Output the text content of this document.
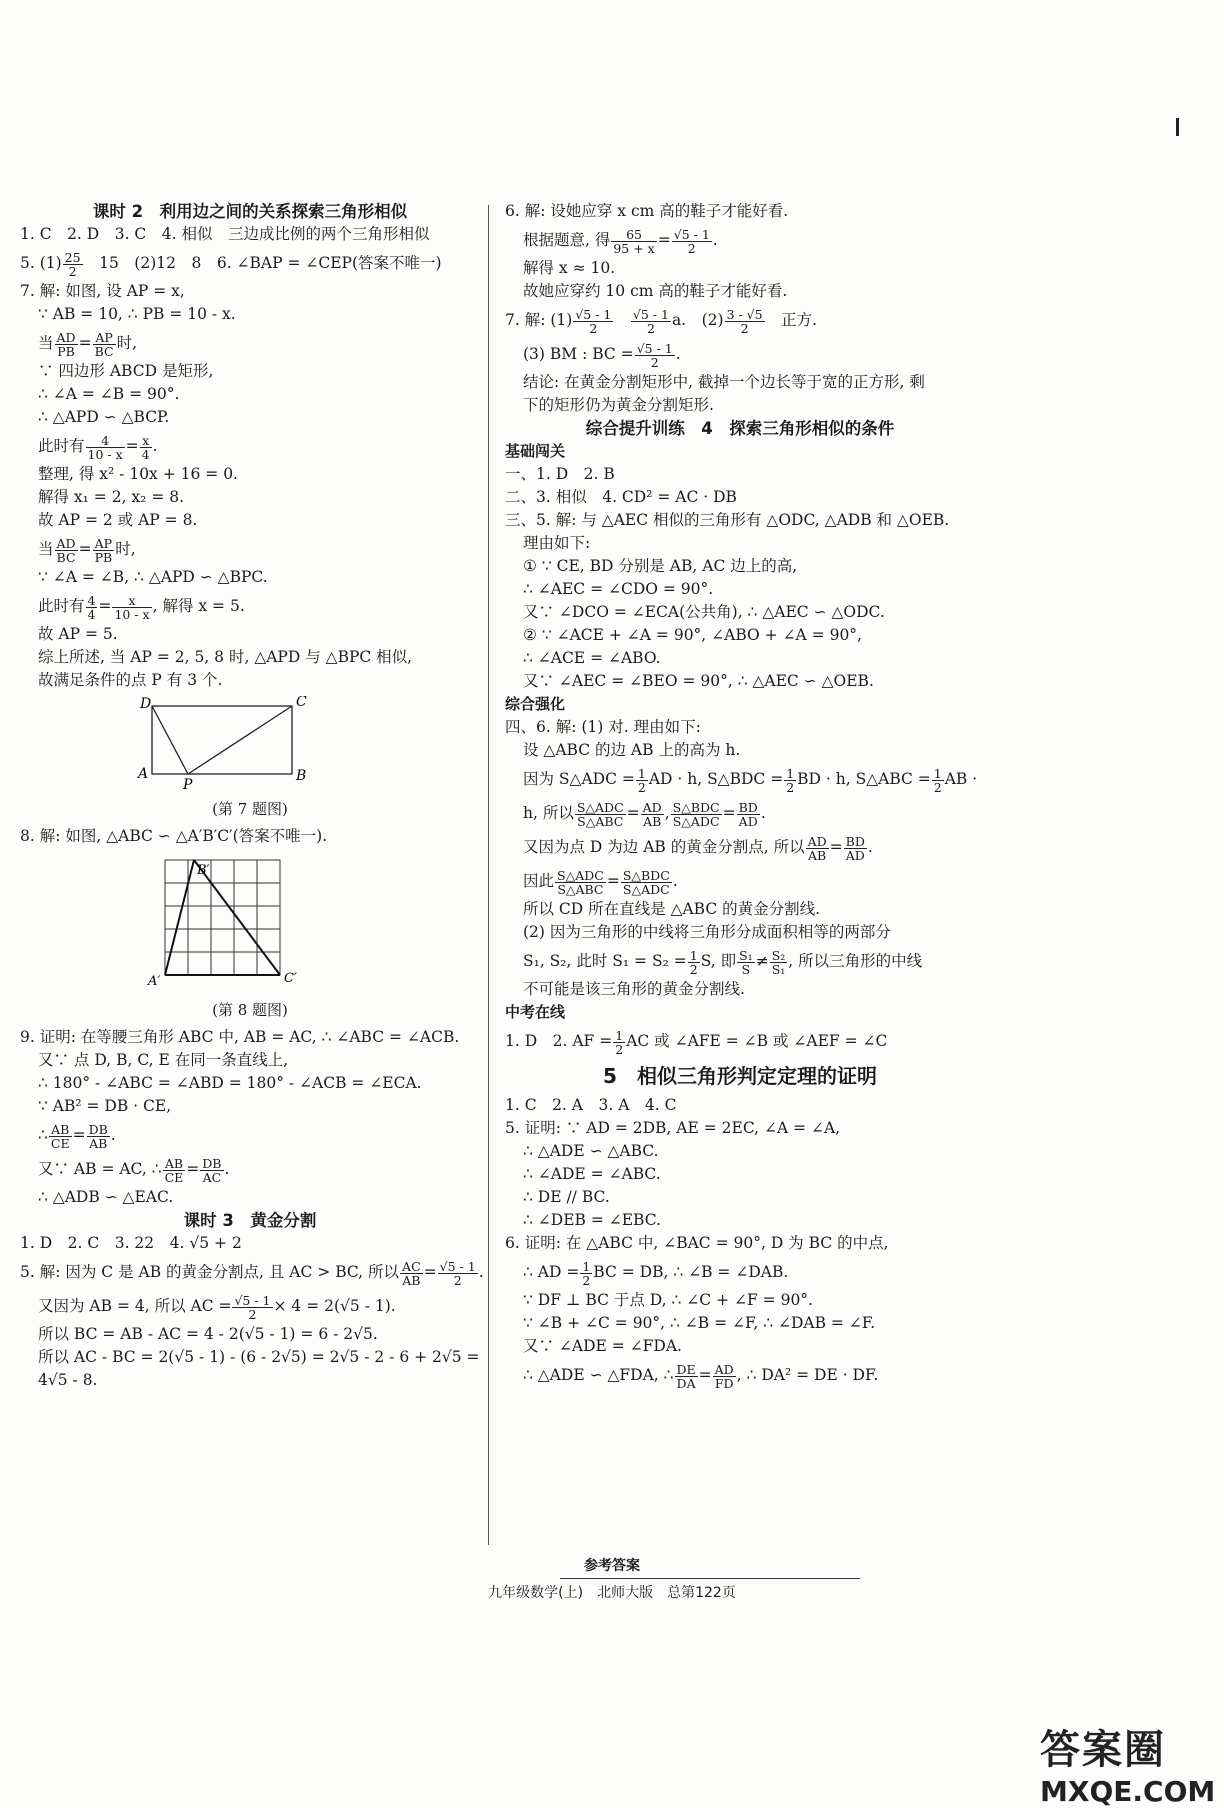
课时 2　利用边之间的关系探索三角形相似
1. C　2. D　3. C　4. 相似　三边成比例的两个三角形相似
5. $(1) \frac{25}{2}$ 　15　(2)12　8　6. ∠BAP = ∠CEP(答案不唯一)
7. 解: 如图, 设 AP = x,
∵ AB = 10, ∴ PB = 10 - x.
当 $\frac{AD}{PB} = \frac{AP}{BC}$ 时,
∵ 四边形 ABCD 是矩形,
∴ ∠A = ∠B = 90°.
∴ △APD ∽ △BCP.
此时有 $\frac{4}{10 - x} = \frac{x}{4}$ .
整理, 得 x² - 10x + 16 = 0.
解得 x₁ = 2, x₂ = 8.
故 AP = 2 或 AP = 8.
当 $\frac{AD}{BC} = \frac{AP}{PB}$ 时,
∵ ∠A = ∠B, ∴ △APD ∽ △BPC.
此时有 $\frac{4}{4} = \frac{x}{10 - x}$ , 解得 x = 5.
故 AP = 5.
综上所述, 当 AP = 2, 5, 8 时, △APD 与 △BPC 相似,
故满足条件的点 P 有 3 个.
D	C
A
P
B
(第 7 题图)
8. 解: 如图, △ABC ∽ △A′B′C′(答案不唯一).
B′
A′	C′
(第 8 题图)
9. 证明: 在等腰三角形 ABC 中, AB = AC, ∴ ∠ABC = ∠ACB.
又∵ 点 D, B, C, E 在同一条直线上,
∴ 180° - ∠ABC = ∠ABD = 180° - ∠ACB = ∠ECA.
∵ AB² = DB · CE,
∴ $\frac{AB}{CE} = \frac{DB}{AB}$ .
又∵ AB = AC, ∴ $\frac{AB}{CE} = \frac{DB}{AC}$ .
∴ △ADB ∽ △EAC.
课时 3　黄金分割
1. D　2. C　3. 22　4. √5 + 2
5. 解: 因为 C 是 AB 的黄金分割点, 且 AC > BC, 所以 $\frac{AC}{AB} = \frac{√5 - 1}{2}$ .
又因为 AB = 4, 所以 AC = $\frac{√5 - 1}{2} \times 4 = 2(√5 - 1)$.
所以 BC = AB - AC = 4 - 2(√5 - 1) = 6 - 2√5.
所以 AC - BC = 2(√5 - 1) - (6 - 2√5) = 2√5 - 2 - 6 + 2√5 =
4√5 - 8.
6. 解: 设她应穿 x cm 高的鞋子才能好看.
根据题意, 得 $\frac{65}{95 + x} = \frac{√5 - 1}{2}$ .
解得 x ≈ 10.
故她应穿约 10 cm 高的鞋子才能好看.
7. 解: $(1) \frac{√5 - 1}{2}$
　 $\frac{√5 - 1}{2} a$.　$(2) \frac{3 - √5}{2}$ 　正方.
(3) BM : BC = $\frac{√5 - 1}{2}$ .
结论: 在黄金分割矩形中, 截掉一个边长等于宽的正方形, 剩
下的矩形仍为黄金分割矩形.
综合提升训练　4　探索三角形相似的条件
基础闯关
一、1. D　2. B
二、3. 相似　4. CD² = AC · DB
三、5. 解: 与 △AEC 相似的三角形有 △ODC, △ADB 和 △OEB.
理由如下:
① ∵ CE, BD 分别是 AB, AC 边上的高,
∴ ∠AEC = ∠CDO = 90°.
又∵ ∠DCO = ∠ECA(公共角), ∴ △AEC ∽ △ODC.
② ∵ ∠ACE + ∠A = 90°, ∠ABO + ∠A = 90°,
∴ ∠ACE = ∠ABO.
又∵ ∠AEC = ∠BEO = 90°, ∴ △AEC ∽ △OEB.
综合强化
四、6. 解: (1) 对. 理由如下:
设 △ABC 的边 AB 上的高为 h.
因为 S△ADC = $\frac{1}{2}$ AD · h, S△BDC = $\frac{1}{2}$ BD · h, S△ABC = $\frac{1}{2}$ AB ·
h, 所以 $\frac{\text{S△ADC}}{\text{S△ABC}} = \frac{AD}{AB}$ , $\frac{\text{S△BDC}}{\text{S△ADC}} = \frac{BD}{AD}$ .
又因为点 D 为边 AB 的黄金分割点, 所以 $\frac{AD}{AB} = \frac{BD}{AD}$ .
因此 $\frac{\text{S△ADC}}{\text{S△ABC}} = \frac{\text{S△BDC}}{\text{S△ADC}}$ .
所以 CD 所在直线是 △ABC 的黄金分割线.
(2) 因为三角形的中线将三角形分成面积相等的两部分
S₁, S₂, 此时 $S_1 = S_2 = \frac{1}{2} S$, 即 $\frac{\text{S₁}}{S} \ne \frac{\text{S₂}}{\text{S₁}}$ , 所以三角形的中线
不可能是该三角形的黄金分割线.
中考在线
1. D　2. AF = $\frac{1}{2}$ AC 或 ∠AFE = ∠B 或 ∠AEF = ∠C
5　相似三角形判定定理的证明
1. C　2. A　3. A　4. C
5. 证明: ∵ AD = 2DB, AE = 2EC, ∠A = ∠A,
∴ △ADE ∽ △ABC.
∴ ∠ADE = ∠ABC.
∴ DE // BC.
∴ ∠DEB = ∠EBC.
6. 证明: 在 △ABC 中, ∠BAC = 90°, D 为 BC 的中点,
∴ AD = $\frac{1}{2}$ BC = DB, ∴ ∠B = ∠DAB.
∵ DF ⊥ BC 于点 D, ∴ ∠C + ∠F = 90°.
∵ ∠B + ∠C = 90°, ∴ ∠B = ∠F, ∴ ∠DAB = ∠F.
又∵ ∠ADE = ∠FDA.
∴ △ADE ∽ △FDA, ∴ $\frac{DE}{DA} = \frac{AD}{FD}$ , ∴ DA² = DE · DF.
参考答案
九年级数学(上)　北师大版　总第122页
答案圈
MXQE.COM
